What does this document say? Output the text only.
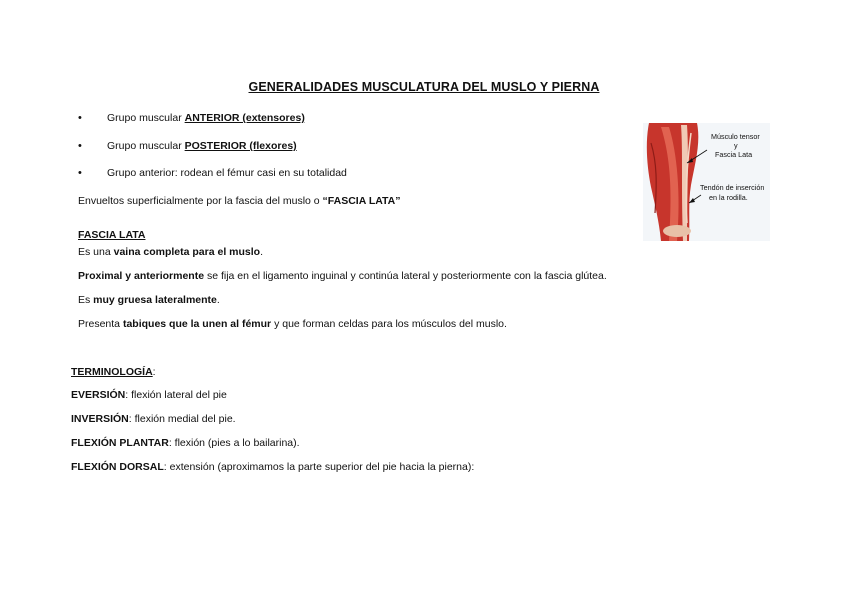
GENERALIDADES MUSCULATURA DEL MUSLO Y PIERNA
• Grupo muscular ANTERIOR (extensores)
• Grupo muscular POSTERIOR (flexores)
• Grupo anterior: rodean el fémur casi en su totalidad
Envueltos superficialmente por la fascia del muslo o “FASCIA LATA”
FASCIA LATA
Es una vaina completa para el muslo.
Proximal y anteriormente se fija en el ligamento inguinal y continúa lateral y posteriormente con la fascia glútea.
Es muy gruesa lateralmente.
Presenta tabiques que la unen al fémur y que forman celdas para los músculos del muslo.
TERMINOLOGÍA:
EVERSIÓN: flexión lateral del pie
INVERSIÓN: flexión medial del pie.
FLEXIÓN PLANTAR: flexión (pies a lo bailarina).
FLEXIÓN DORSAL: extensión (aproximamos la parte superior del pie hacia la pierna):
Músculo tensor
y
Fascia Lata
Tendón de inserción
en la rodilla.
